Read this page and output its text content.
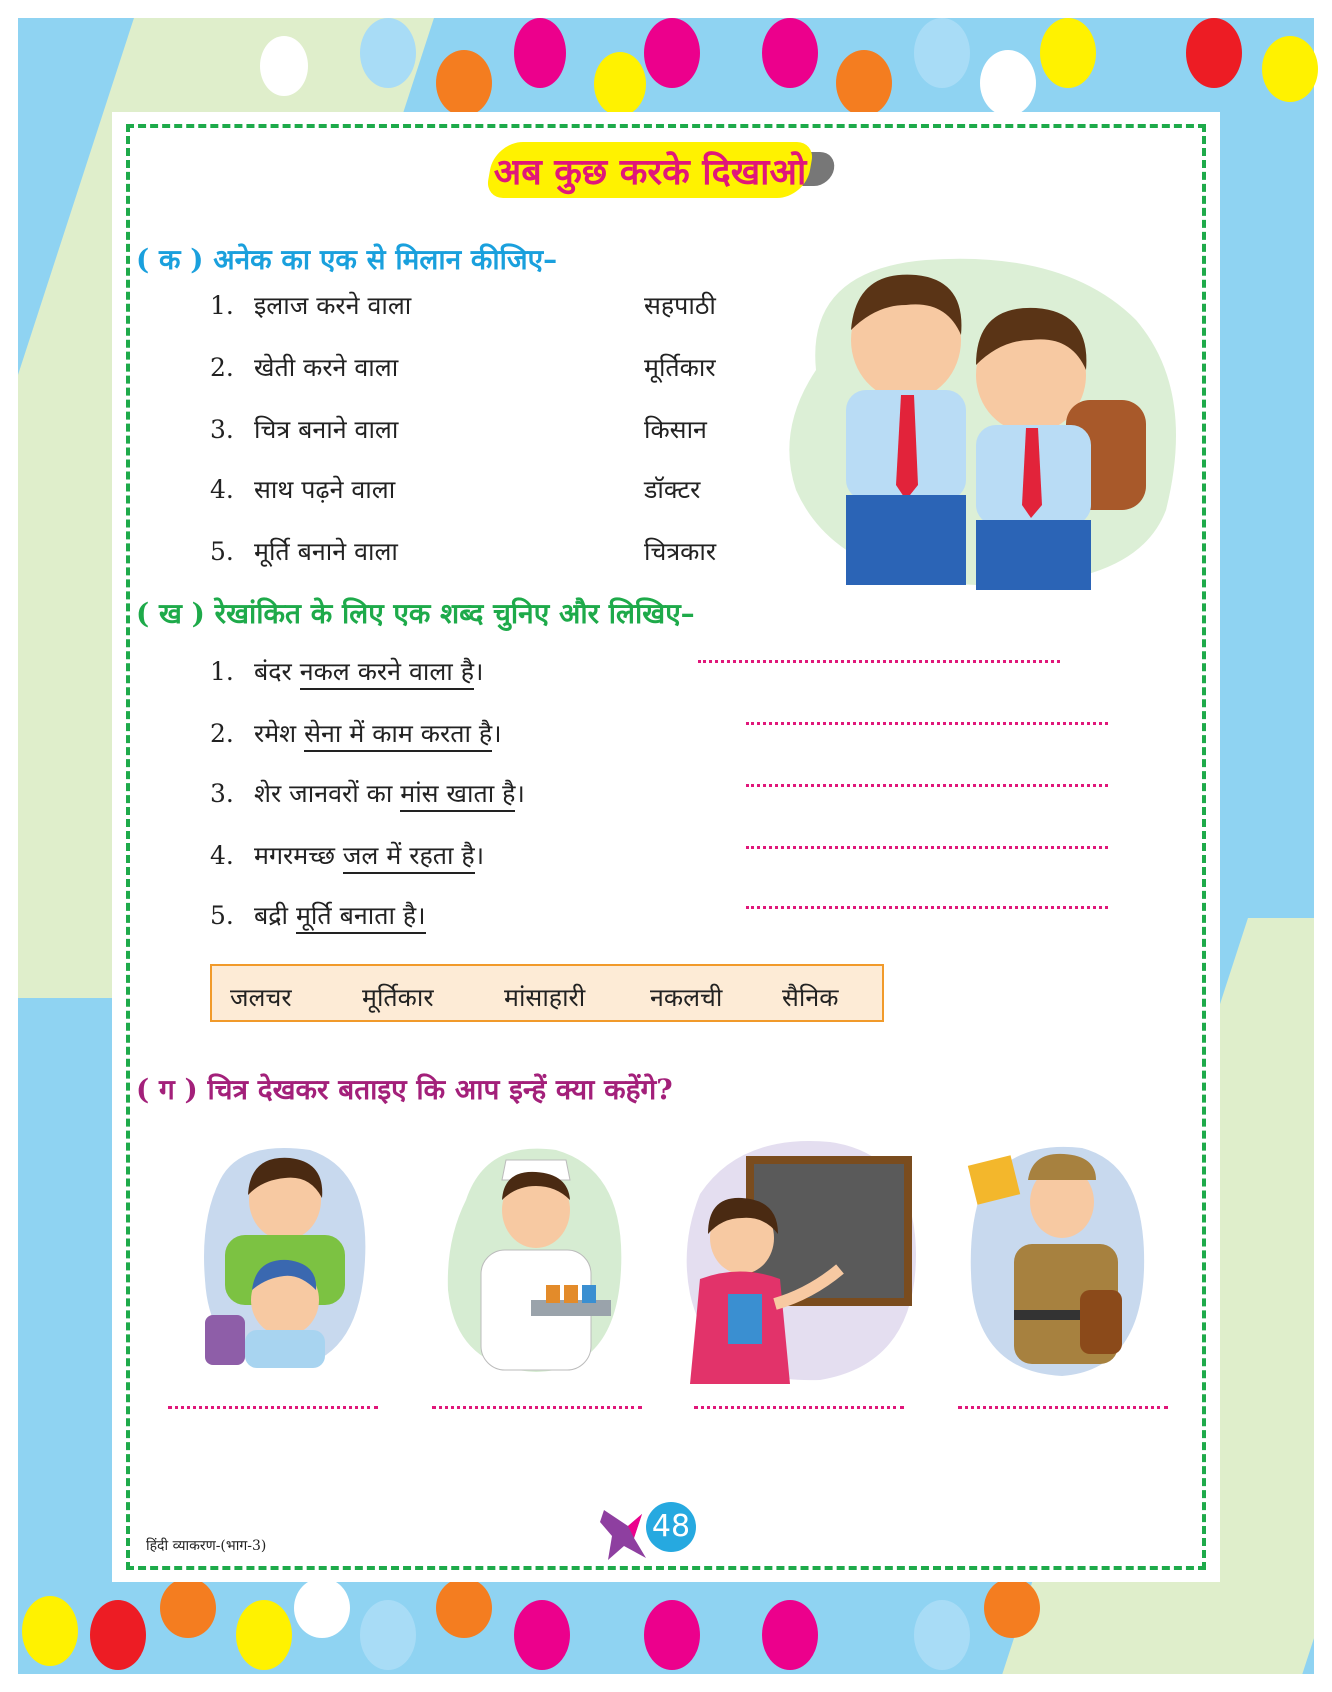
अब कुछ करके दिखाओ
( क ) अनेक का एक से मिलान कीजिए–
1. इलाज करने वाला	सहपाठी
2. खेती करने वाला	मूर्तिकार
3. चित्र बनाने वाला	किसान
4. साथ पढ़ने वाला	डॉक्टर
5. मूर्ति बनाने वाला	चित्रकार
( ख ) रेखांकित के लिए एक शब्द चुनिए और लिखिए–
1. बंदर नकल करने वाला है।
2. रमेश सेना में काम करता है।
3. शेर जानवरों का मांस खाता है।
4. मगरमच्छ जल में रहता है।
5. बद्री मूर्ति बनाता है।
जलचर	मूर्तिकार	मांसाहारी	नकलची सैनिक
( ग ) चित्र देखकर बताइए कि आप इन्हें क्या कहेंगे?
48
हिंदी व्याकरण-(भाग-3)
